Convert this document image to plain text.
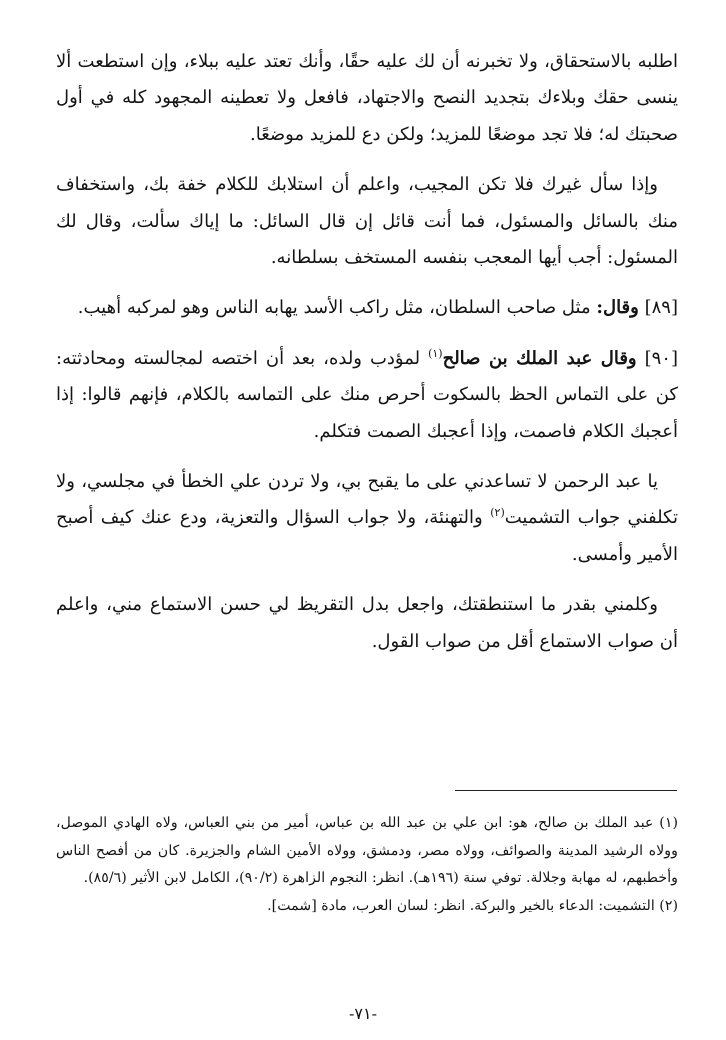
اطلبه بالاستحقاق، ولا تخبرنه أن لك عليه حقًا، وأنك تعتد عليه ببلاء، وإن استطعت ألا ينسى حقك وبلاءك بتجديد النصح والاجتهاد، فافعل ولا تعطينه المجهود كله في أول صحبتك له؛ فلا تجد موضعًا للمزيد؛ ولكن دع للمزيد موضعًا.

وإذا سأل غيرك فلا تكن المجيب، واعلم أن استلابك للكلام خفة بك، واستخفاف منك بالسائل والمسئول، فما أنت قائل إن قال السائل: ما إياك سألت، وقال لك المسئول: أجب أيها المعجب بنفسه المستخف بسلطانه.

[٨٩] وقال: مثل صاحب السلطان، مثل راكب الأسد يهابه الناس وهو لمركبه أهيب.

[٩٠] وقال عبد الملك بن صالح$^{(١)}$ لمؤدب ولده، بعد أن اختصه لمجالسته ومحادثته: كن على التماس الحظ بالسكوت أحرص منك على التماسه بالكلام، فإنهم قالوا: إذا أعجبك الكلام فاصمت، وإذا أعجبك الصمت فتكلم.

يا عبد الرحمن لا تساعدني على ما يقبح بي، ولا تردن علي الخطأ في مجلسي، ولا تكلفني جواب التشميت$^{(٢)}$ والتهنئة، ولا جواب السؤال والتعزية، ودع عنك كيف أصبح الأمير وأمسى.

وكلمني بقدر ما استنطقتك، واجعل بدل التقريظ لي حسن الاستماع مني، واعلم أن صواب الاستماع أقل من صواب القول.

(١) عبد الملك بن صالح، هو: ابن علي بن عبد الله بن عباس، أمير من بني العباس، ولاه الهادي الموصل، وولاه الرشيد المدينة والصوائف، وولاه مصر، ودمشق، وولاه الأمين الشام والجزيرة. كان من أفصح الناس وأخطبهم، له مهابة وجلالة. توفي سنة (١٩٦هـ). انظر: النجوم الزاهرة (٩٠/٢)، الكامل لابن الأثير (٨٥/٦).

(٢) التشميت: الدعاء بالخير والبركة. انظر: لسان العرب، مادة [شمت].

-٧١-
